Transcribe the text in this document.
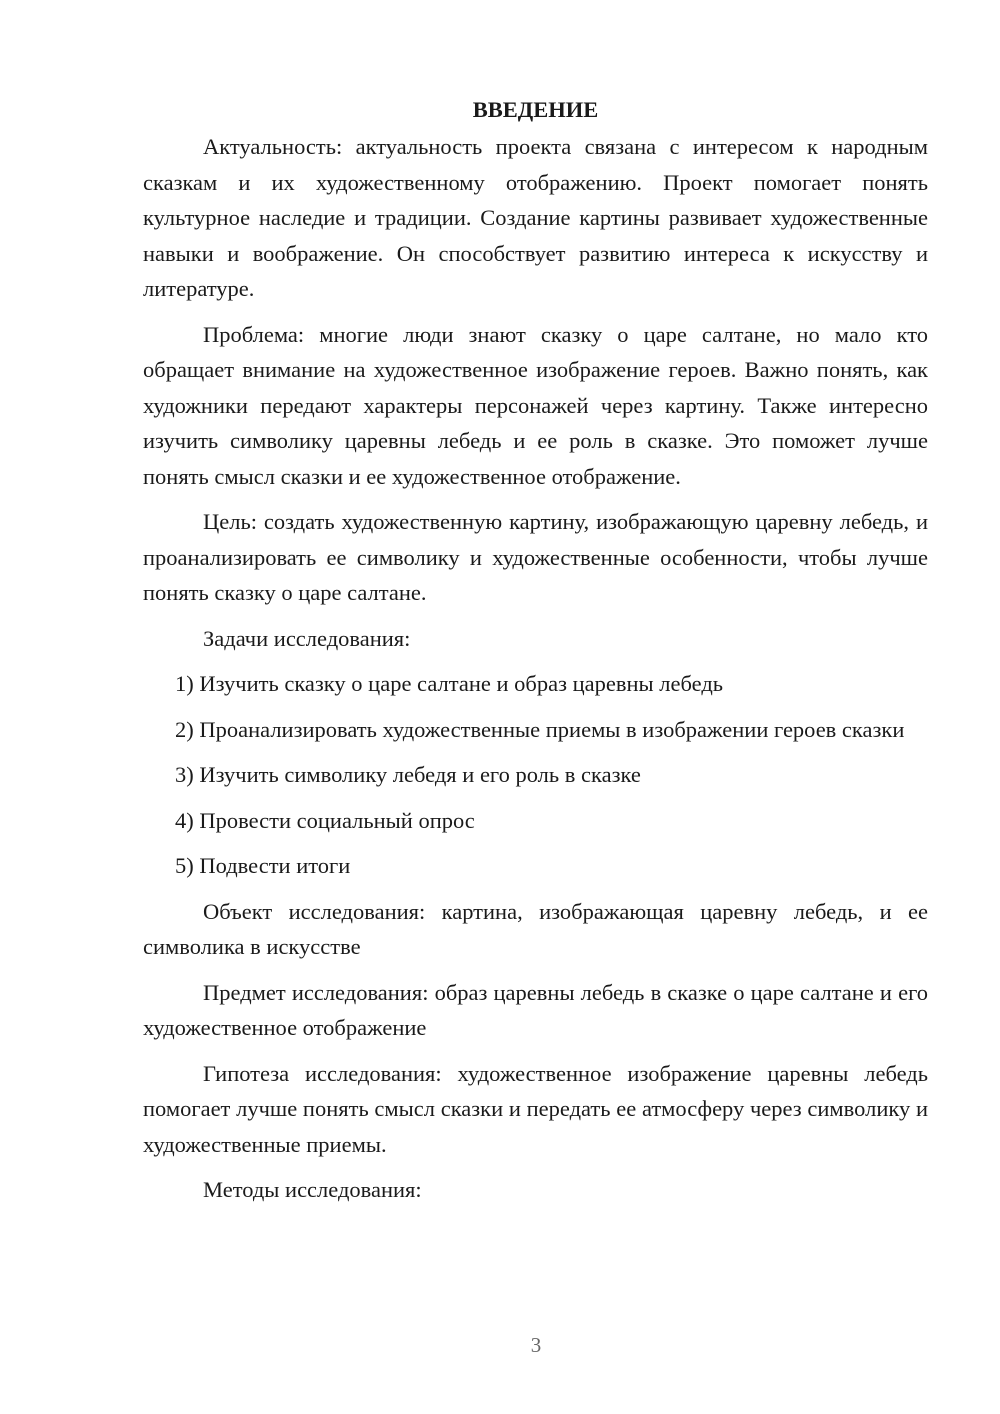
ВВЕДЕНИЕ

Актуальность: актуальность проекта связана с интересом к народным сказкам и их художественному отображению. Проект помогает понять культурное наследие и традиции. Создание картины развивает художественные навыки и воображение. Он способствует развитию интереса к искусству и литературе.

Проблема: многие люди знают сказку о царе салтане, но мало кто обращает внимание на художественное изображение героев. Важно понять, как художники передают характеры персонажей через картину. Также интересно изучить символику царевны лебедь и ее роль в сказке. Это поможет лучше понять смысл сказки и ее художественное отображение.

Цель: создать художественную картину, изображающую царевну лебедь, и проанализировать ее символику и художественные особенности, чтобы лучше понять сказку о царе салтане.

Задачи исследования:

1) Изучить сказку о царе салтане и образ царевны лебедь

2) Проанализировать художественные приемы в изображении героев сказки

3) Изучить символику лебедя и его роль в сказке

4) Провести социальный опрос

5) Подвести итоги

Объект исследования: картина, изображающая царевну лебедь, и ее символика в искусстве

Предмет исследования: образ царевны лебедь в сказке о царе салтане и его художественное отображение

Гипотеза исследования: художественное изображение царевны лебедь помогает лучше понять смысл сказки и передать ее атмосферу через символику и художественные приемы.

Методы исследования:

3
